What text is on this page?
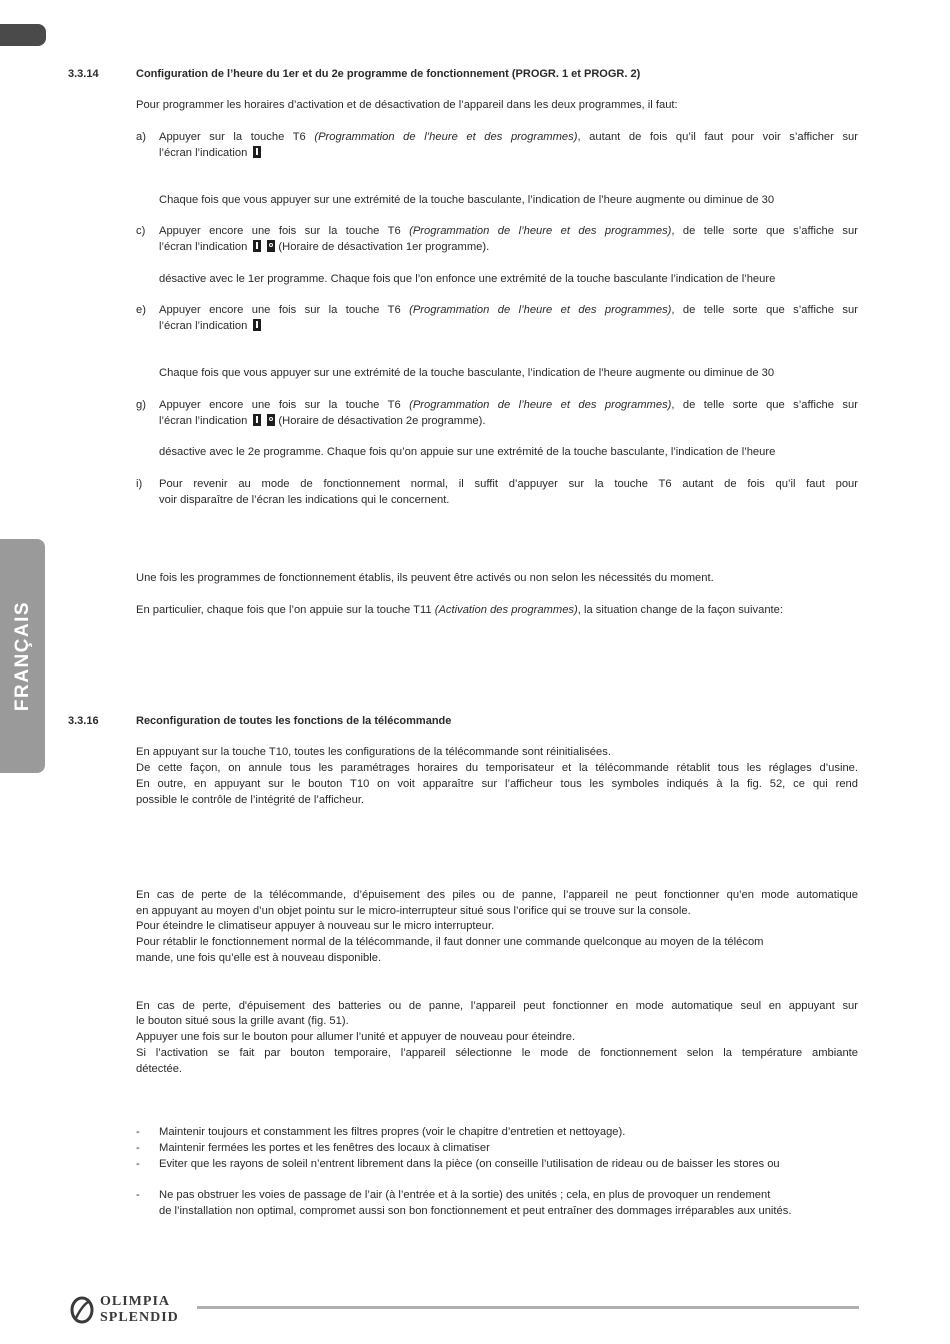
FRANÇAIS
3.3.14	Configuration de l’heure du 1er et du 2e programme de fonctionnement (PROGR. 1 et PROGR. 2)
Pour programmer les horaires d’activation et de désactivation de l’appareil dans les deux programmes, il faut:
a) Appuyer sur la touche T6 (Programmation de l’heure et des programmes), autant de fois qu’il faut pour voir s’afficher sur
l’écran l’indication
Chaque fois que vous appuyer sur une extrémité de la touche basculante, l’indication de l’heure augmente ou diminue de 30
c) Appuyer encore une fois sur la touche T6 (Programmation de l’heure et des programmes), de telle sorte que s’affiche sur
l’écran l’indication	(Horaire de désactivation 1er programme).
désactive avec le 1er programme. Chaque fois que l’on enfonce une extrémité de la touche basculante l’indication de l’heure
e) Appuyer encore une fois sur la touche T6 (Programmation de l’heure et des programmes), de telle sorte que s’affiche sur
l’écran l’indication
Chaque fois que vous appuyer sur une extrémité de la touche basculante, l’indication de l’heure augmente ou diminue de 30
g) Appuyer encore une fois sur la touche T6 (Programmation de l’heure et des programmes), de telle sorte que s’affiche sur
l’écran l’indication	(Horaire de désactivation 2e programme).
désactive avec le 2e programme. Chaque fois qu’on appuie sur une extrémité de la touche basculante, l’indication de l’heure
i) Pour revenir au mode de fonctionnement normal, il suffit d’appuyer sur la touche T6 autant de fois qu’il faut pour
voir disparaître de l’écran les indications qui le concernent.
Une fois les programmes de fonctionnement établis, ils peuvent être activés ou non selon les nécessités du moment.
En particulier, chaque fois que l’on appuie sur la touche T11 (Activation des programmes), la situation change de la façon suivante:
3.3.16	Reconfiguration de toutes les fonctions de la télécommande
En appuyant sur la touche T10, toutes les configurations de la télécommande sont réinitialisées.
De cette façon, on annule tous les paramétrages horaires du temporisateur et la télécommande rétablit tous les réglages d’usine.
En outre, en appuyant sur le bouton T10 on voit apparaître sur l’afficheur tous les symboles indiqués à la fig. 52, ce qui rend
possible le contrôle de l’intégrité de l’afficheur.
En cas de perte de la télécommande, d’épuisement des piles ou de panne, l’appareil ne peut fonctionner qu’en mode automatique
en appuyant au moyen d’un objet pointu sur le micro-interrupteur situé sous l’orifice qui se trouve sur la console.
Pour éteindre le climatiseur appuyer à nouveau sur le micro interrupteur.
Pour rétablir le fonctionnement normal de la télécommande, il faut donner une commande quelconque au moyen de la télécom
mande, une fois qu’elle est à nouveau disponible.
En cas de perte, d'épuisement des batteries ou de panne, l’appareil peut fonctionner en mode automatique seul en appuyant sur
le bouton situé sous la grille avant (fig. 51).
Appuyer une fois sur le bouton pour allumer l’unité et appuyer de nouveau pour éteindre.
Si l’activation se fait par bouton temporaire, l’appareil sélectionne le mode de fonctionnement selon la température ambiante
détectée.
- Maintenir toujours et constamment les filtres propres (voir le chapitre d’entretien et nettoyage).
- Maintenir fermées les portes et les fenêtres des locaux à climatiser
- Eviter que les rayons de soleil n’entrent librement dans la pièce (on conseille l’utilisation de rideau ou de baisser les stores ou
- Ne pas obstruer les voies de passage de l’air (à l’entrée et à la sortie) des unités ; cela, en plus de provoquer un rendement
de l’installation non optimal, compromet aussi son bon fonctionnement et peut entraîner des dommages irréparables aux unités.
OLIMPIA
SPLENDID
